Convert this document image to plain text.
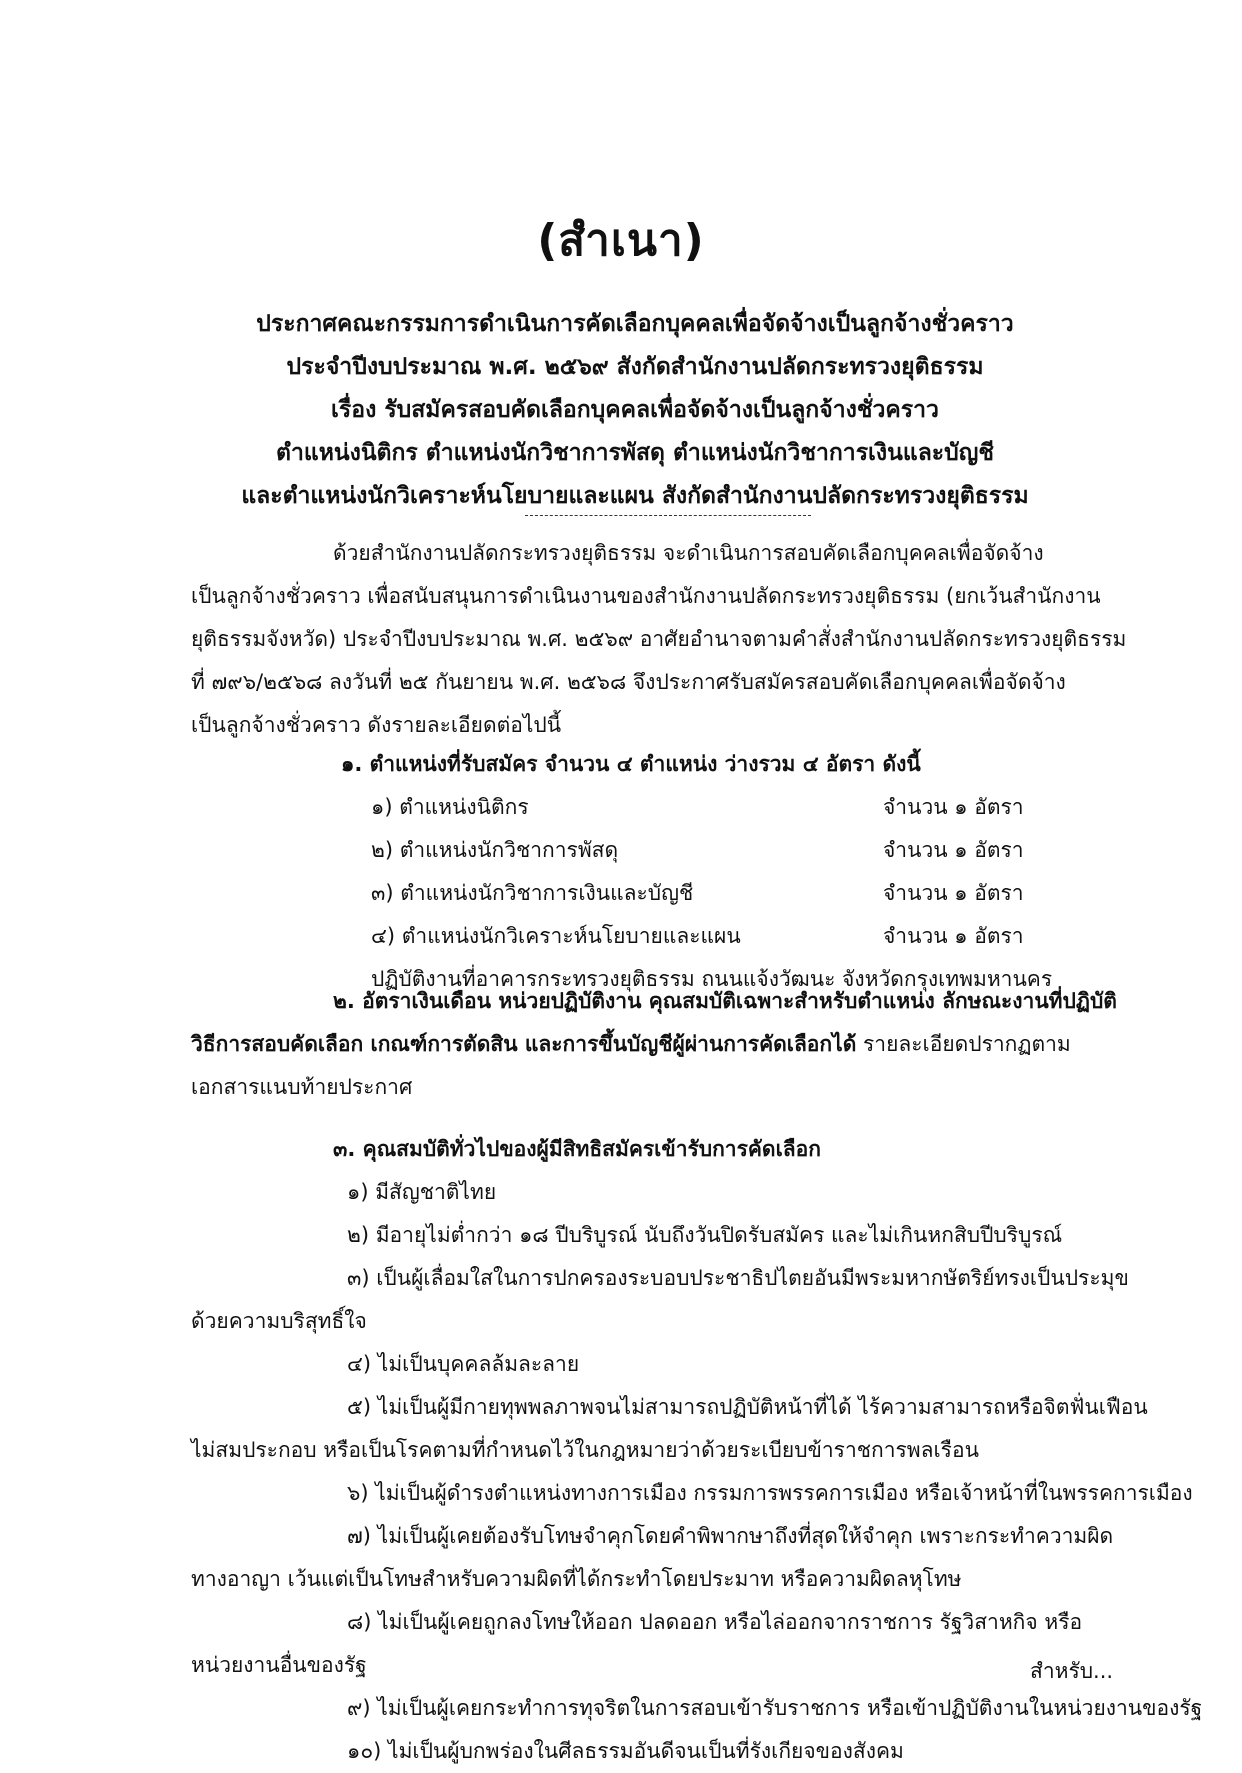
(สำเนา)
ประกาศคณะกรรมการดำเนินการคัดเลือกบุคคลเพื่อจัดจ้างเป็นลูกจ้างชั่วคราว
ประจำปีงบประมาณ พ.ศ. ๒๕๖๙ สังกัดสำนักงานปลัดกระทรวงยุติธรรม
เรื่อง รับสมัครสอบคัดเลือกบุคคลเพื่อจัดจ้างเป็นลูกจ้างชั่วคราว
ตำแหน่งนิติกร ตำแหน่งนักวิชาการพัสดุ ตำแหน่งนักวิชาการเงินและบัญชี
และตำแหน่งนักวิเคราะห์นโยบายและแผน สังกัดสำนักงานปลัดกระทรวงยุติธรรม
ด้วยสำนักงานปลัดกระทรวงยุติธรรม จะดำเนินการสอบคัดเลือกบุคคลเพื่อจัดจ้าง
เป็นลูกจ้างชั่วคราว เพื่อสนับสนุนการดำเนินงานของสำนักงานปลัดกระทรวงยุติธรรม (ยกเว้นสำนักงาน
ยุติธรรมจังหวัด) ประจำปีงบประมาณ พ.ศ. ๒๕๖๙ อาศัยอำนาจตามคำสั่งสำนักงานปลัดกระทรวงยุติธรรม
ที่ ๗๙๖/๒๕๖๘ ลงวันที่ ๒๕ กันยายน พ.ศ. ๒๕๖๘ จึงประกาศรับสมัครสอบคัดเลือกบุคคลเพื่อจัดจ้าง
เป็นลูกจ้างชั่วคราว ดังรายละเอียดต่อไปนี้
๑. ตำแหน่งที่รับสมัคร จำนวน ๔ ตำแหน่ง ว่างรวม ๔ อัตรา ดังนี้
๑) ตำแหน่งนิติกร	จำนวน ๑ อัตรา
๒) ตำแหน่งนักวิชาการพัสดุ	จำนวน ๑ อัตรา
๓) ตำแหน่งนักวิชาการเงินและบัญชี	จำนวน ๑ อัตรา
๔) ตำแหน่งนักวิเคราะห์นโยบายและแผน	จำนวน ๑ อัตรา
ปฏิบัติงานที่อาคารกระทรวงยุติธรรม ถนนแจ้งวัฒนะ จังหวัดกรุงเทพมหานคร
๒. อัตราเงินเดือน หน่วยปฏิบัติงาน คุณสมบัติเฉพาะสำหรับตำแหน่ง ลักษณะงานที่ปฏิบัติ
วิธีการสอบคัดเลือก เกณฑ์การตัดสิน และการขึ้นบัญชีผู้ผ่านการคัดเลือกได้ รายละเอียดปรากฏตาม
เอกสารแนบท้ายประกาศ
๓. คุณสมบัติทั่วไปของผู้มีสิทธิสมัครเข้ารับการคัดเลือก
๑) มีสัญชาติไทย
๒) มีอายุไม่ต่ำกว่า ๑๘ ปีบริบูรณ์ นับถึงวันปิดรับสมัคร และไม่เกินหกสิบปีบริบูรณ์
๓) เป็นผู้เลื่อมใสในการปกครองระบอบประชาธิปไตยอันมีพระมหากษัตริย์ทรงเป็นประมุข
ด้วยความบริสุทธิ์ใจ
๔) ไม่เป็นบุคคลล้มละลาย
๕) ไม่เป็นผู้มีกายทุพพลภาพจนไม่สามารถปฏิบัติหน้าที่ได้ ไร้ความสามารถหรือจิตฟั่นเฟือน
ไม่สมประกอบ หรือเป็นโรคตามที่กำหนดไว้ในกฎหมายว่าด้วยระเบียบข้าราชการพลเรือน
๖) ไม่เป็นผู้ดำรงตำแหน่งทางการเมือง กรรมการพรรคการเมือง หรือเจ้าหน้าที่ในพรรคการเมือง
๗) ไม่เป็นผู้เคยต้องรับโทษจำคุกโดยคำพิพากษาถึงที่สุดให้จำคุก เพราะกระทำความผิด
ทางอาญา เว้นแต่เป็นโทษสำหรับความผิดที่ได้กระทำโดยประมาท หรือความผิดลหุโทษ
๘) ไม่เป็นผู้เคยถูกลงโทษให้ออก ปลดออก หรือไล่ออกจากราชการ รัฐวิสาหกิจ หรือ
หน่วยงานอื่นของรัฐ
๙) ไม่เป็นผู้เคยกระทำการทุจริตในการสอบเข้ารับราชการ หรือเข้าปฏิบัติงานในหน่วยงานของรัฐ
๑๐) ไม่เป็นผู้บกพร่องในศีลธรรมอันดีจนเป็นที่รังเกียจของสังคม
สำหรับ...
